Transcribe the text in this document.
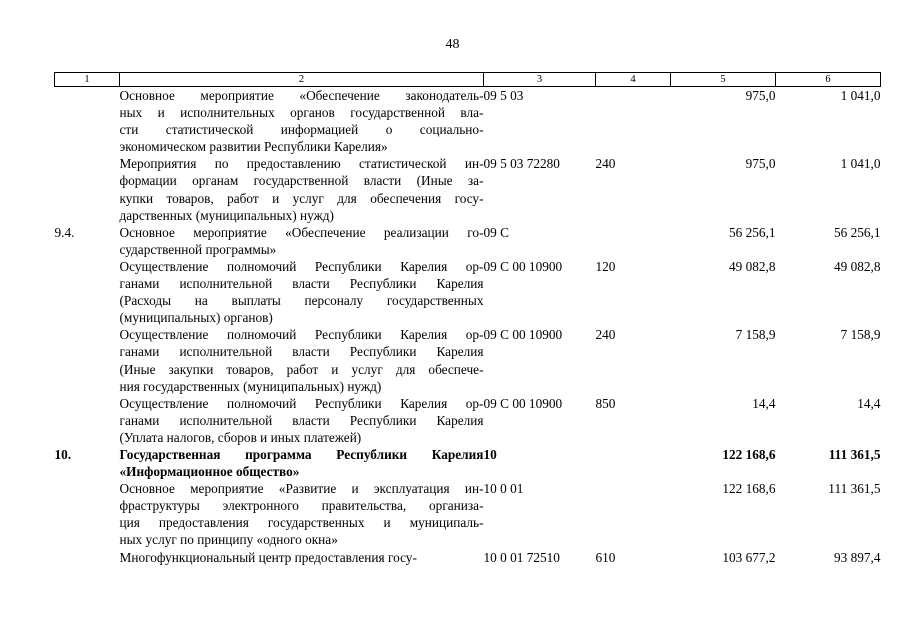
48
1	2	3	4	5	6

	Основное мероприятие «Обеспечение законодатель-
ных и исполнительных органов государственной вла-
сти статистической информацией о социально-
экономическом развитии Республики Карелия»	09 5 03		975,0	1 041,0

	Мероприятия по предоставлению статистической ин-
формации органам государственной власти (Иные за-
купки товаров, работ и услуг для обеспечения госу-
дарственных (муниципальных) нужд)	09 5 03 72280	240	975,0	1 041,0
9.4.	Основное мероприятие «Обеспечение реализации го-
сударственной программы»	09 С		56 256,1	56 256,1

	Осуществление полномочий Республики Карелия ор-
ганами исполнительной власти Республики Карелия
(Расходы на выплаты персоналу государственных
(муниципальных) органов)	09 С 00 10900	120	49 082,8	49 082,8

	Осуществление полномочий Республики Карелия ор-
ганами исполнительной власти Республики Карелия
(Иные закупки товаров, работ и услуг для обеспече-
ния государственных (муниципальных) нужд)	09 С 00 10900	240	7 158,9	7 158,9

	Осуществление полномочий Республики Карелия ор-
ганами исполнительной власти Республики Карелия
(Уплата налогов, сборов и иных платежей)	09 С 00 10900	850	14,4	14,4
10.	Государственная программа Республики Карелия
«Информационное общество»	10		122 168,6	111 361,5

	Основное мероприятие «Развитие и эксплуатация ин-
фраструктуры электронного правительства, организа-
ция предоставления государственных и муниципаль-
ных услуг по принципу «одного окна»	10 0 01		122 168,6	111 361,5

	Многофункциональный центр предоставления госу-	10 0 01 72510	610	103 677,2	93 897,4
